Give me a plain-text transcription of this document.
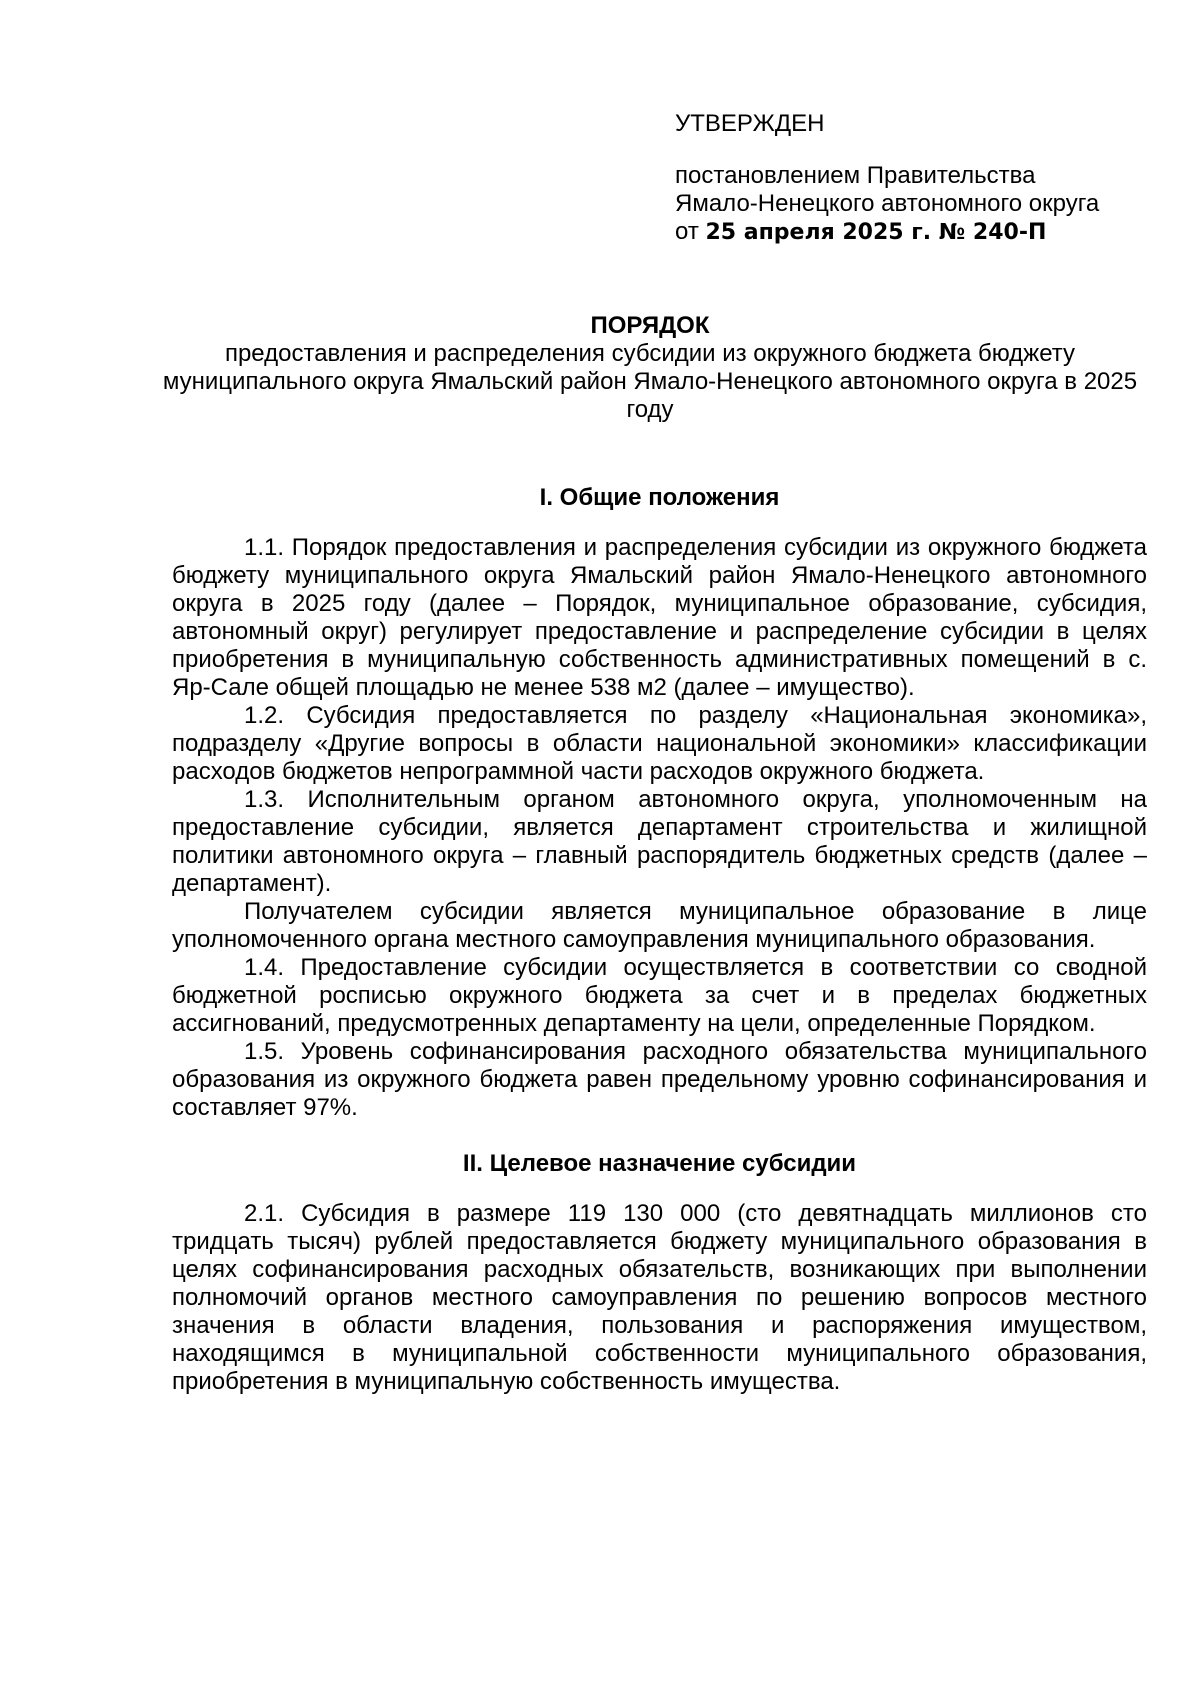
УТВЕРЖДЕН

постановлением Правительства

Ямало-Ненецкого автономного округа

от 25 апреля 2025 г. № 240-П

ПОРЯДОК

предоставления и распределения субсидии из окружного бюджета бюджету муниципального округа Ямальский район Ямало-Ненецкого автономного округа в 2025 году

I. Общие положения

1.1. Порядок предоставления и распределения субсидии из окружного бюджета бюджету муниципального округа Ямальский район Ямало-Ненецкого автономного округа в 2025 году (далее – Порядок, муниципальное образование, субсидия, автономный округ) регулирует предоставление и распределение субсидии в целях приобретения в муниципальную собственность административных помещений в с. Яр-Сале общей площадью не менее 538 м2 (далее – имущество).

1.2. Субсидия предоставляется по разделу «Национальная экономика», подразделу «Другие вопросы в области национальной экономики» классификации расходов бюджетов непрограммной части расходов окружного бюджета.

1.3. Исполнительным органом автономного округа, уполномоченным на предоставление субсидии, является департамент строительства и жилищной политики автономного округа – главный распорядитель бюджетных средств (далее – департамент).

Получателем субсидии является муниципальное образование в лице уполномоченного органа местного самоуправления муниципального образования.

1.4. Предоставление субсидии осуществляется в соответствии со сводной бюджетной росписью окружного бюджета за счет и в пределах бюджетных ассигнований, предусмотренных департаменту на цели, определенные Порядком.

1.5. Уровень софинансирования расходного обязательства муниципального образования из окружного бюджета равен предельному уровню софинансирования и составляет 97%.

II. Целевое назначение субсидии

2.1. Субсидия в размере 119 130 000 (сто девятнадцать миллионов сто тридцать тысяч) рублей предоставляется бюджету муниципального образования в целях софинансирования расходных обязательств, возникающих при выполнении полномочий органов местного самоуправления по решению вопросов местного значения в области владения, пользования и распоряжения имуществом, находящимся в муниципальной собственности муниципального образования, приобретения в муниципальную собственность имущества.
